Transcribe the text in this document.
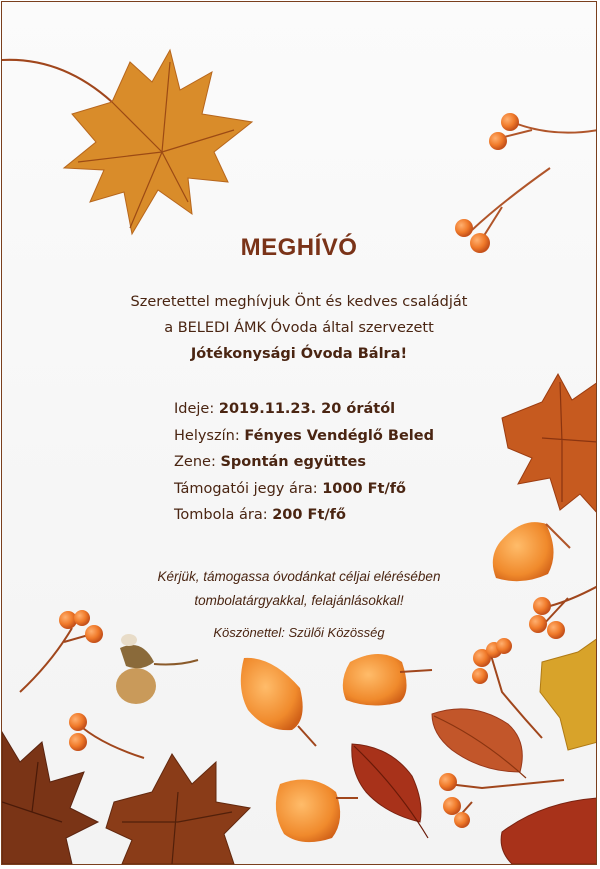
MEGHÍVÓ
Szeretettel meghívjuk Önt és kedves családját
a BELEDI ÁMK Óvoda által szervezett
Jótékonysági Óvoda Bálra!
Ideje: 2019.11.23. 20 órától
Helyszín: Fényes Vendéglő Beled
Zene: Spontán együttes
Támogatói jegy ára: 1000 Ft/fő
Tombola ára: 200 Ft/fő
Kérjük, támogassa óvodánkat céljai elérésében
tombolatárgyakkal, felajánlásokkal!
Köszönettel: Szülői Közösség
